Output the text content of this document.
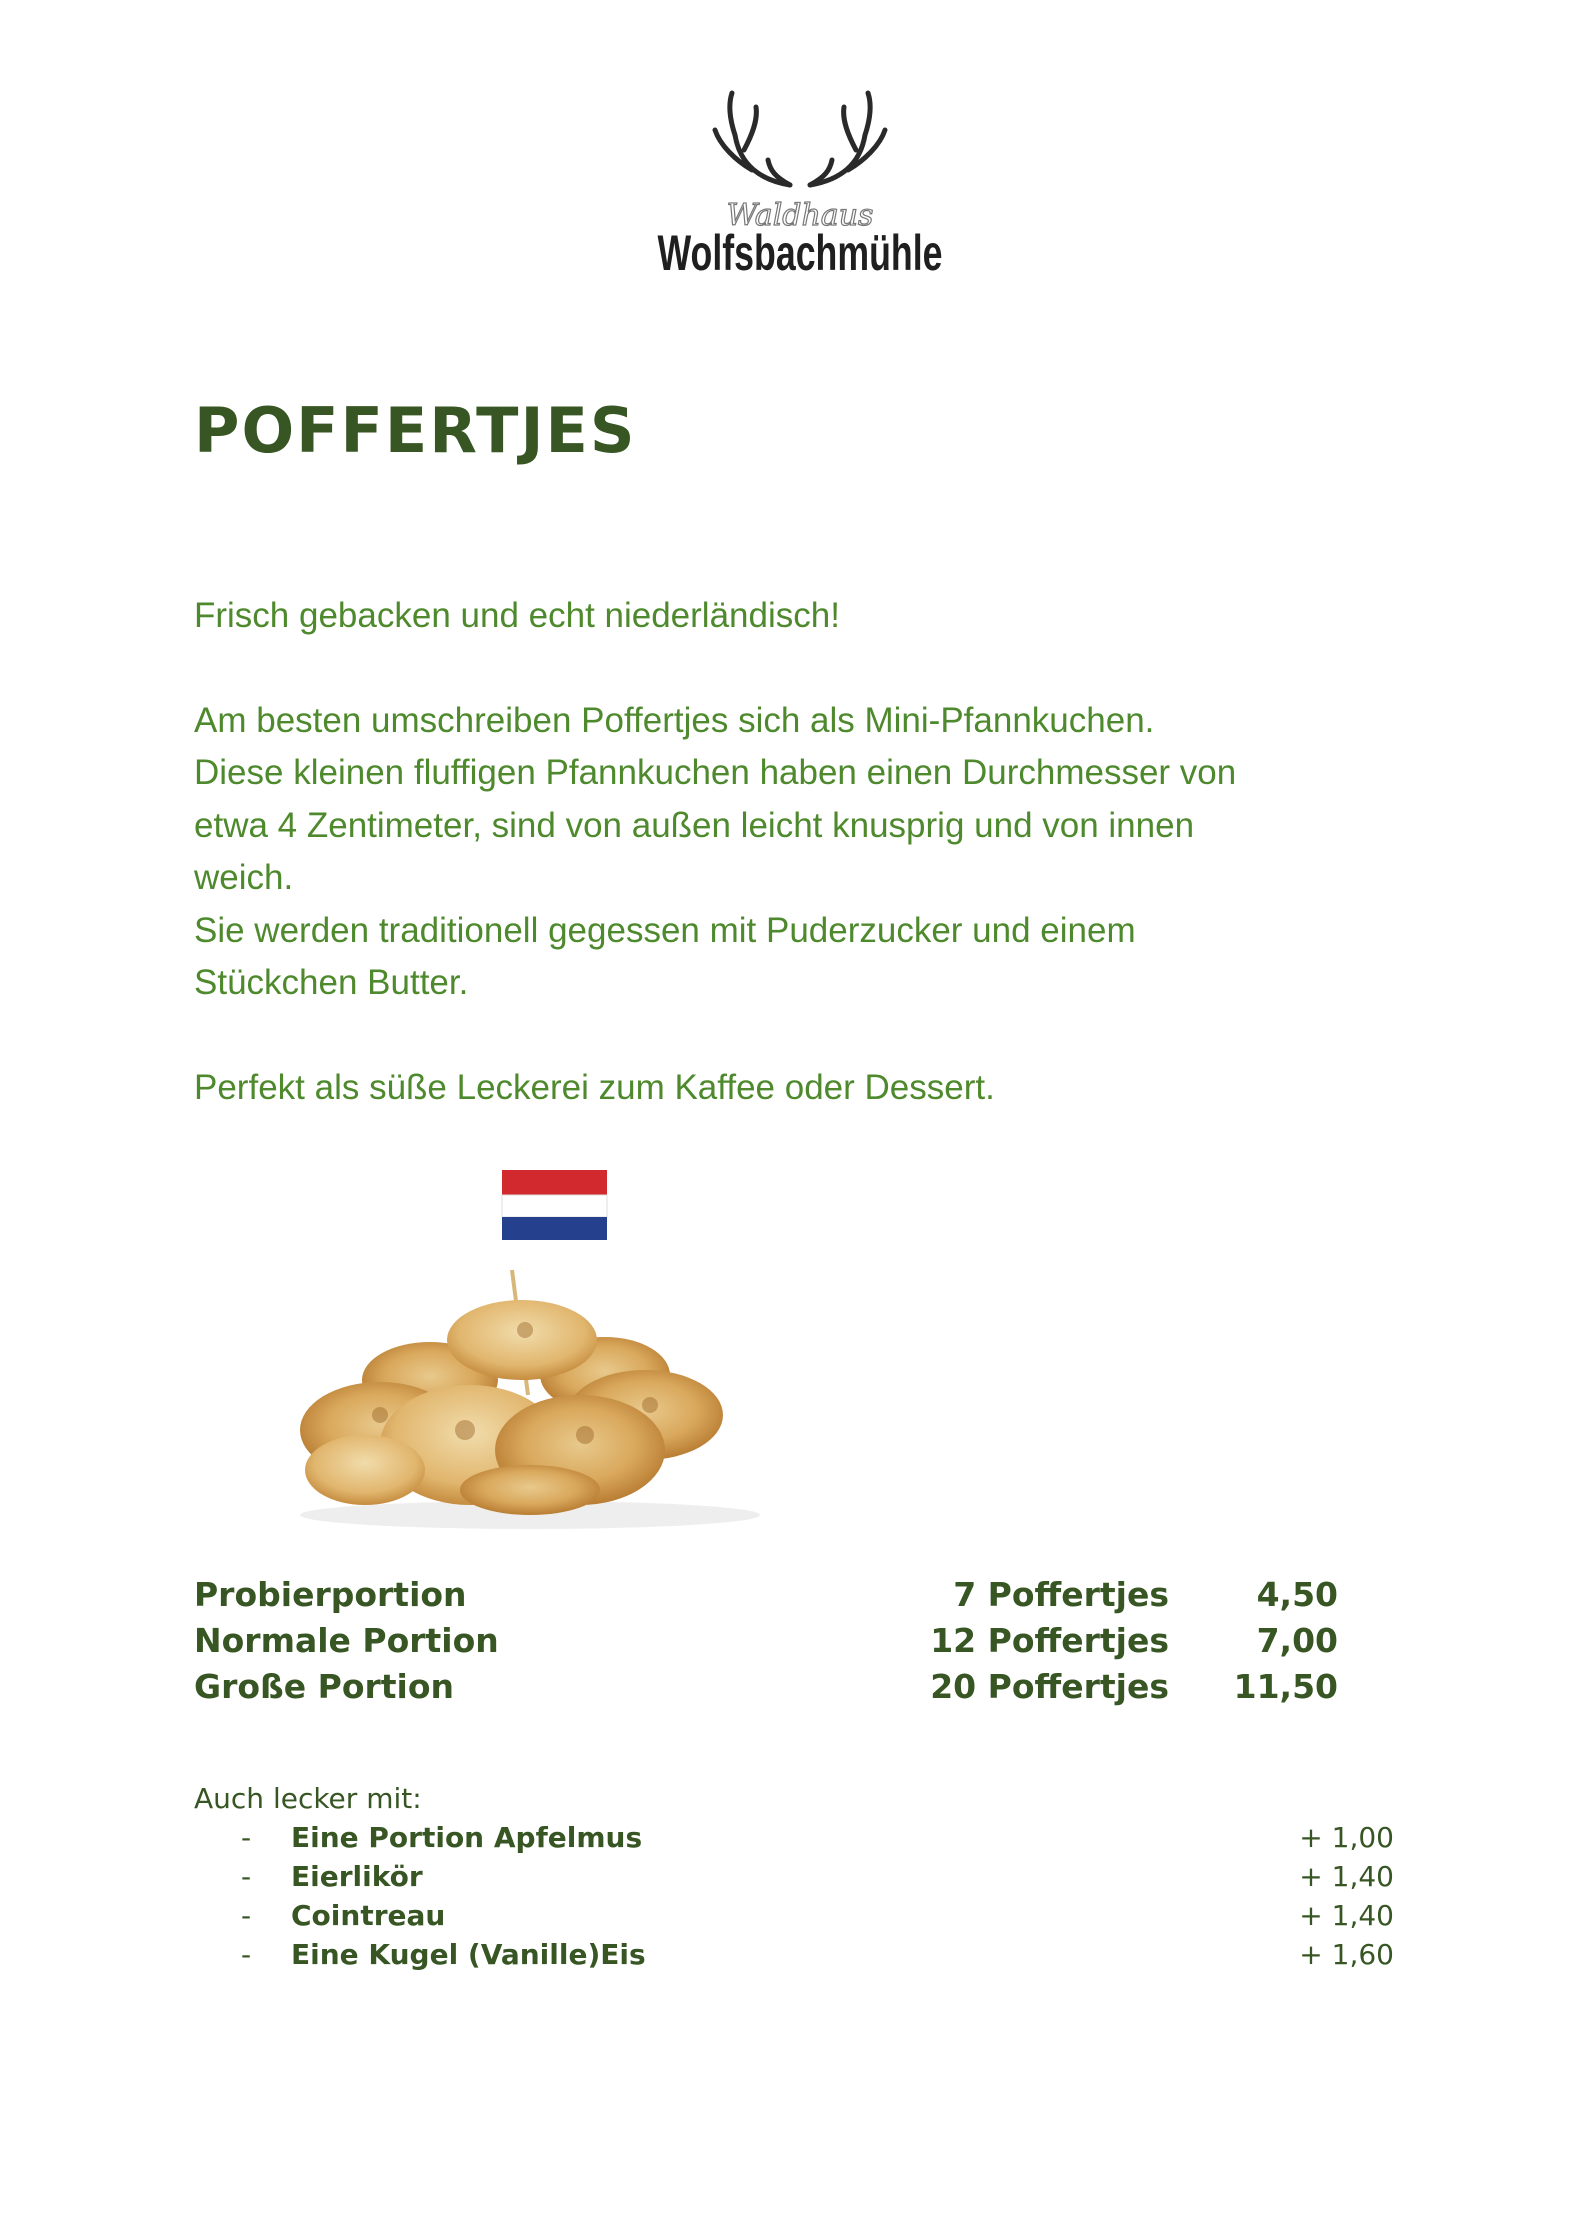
Waldhaus
Wolfsbachmühle
POFFERTJES

Frisch gebacken und echt niederländisch!

Am besten umschreiben Poffertjes sich als Mini-Pfannkuchen.

Diese kleinen fluffigen Pfannkuchen haben einen Durchmesser von

etwa 4 Zentimeter, sind von außen leicht knusprig und von innen

weich.

Sie werden traditionell gegessen mit Puderzucker und einem

Stückchen Butter.

Perfekt als süße Leckerei zum Kaffee oder Dessert.

Probierportion	7 Poffertjes	4,50
Normale Portion	12 Poffertjes	7,00
Große Portion	20 Poffertjes 11,50
Auch lecker mit:
- Eine Portion Apfelmus	+ 1,00
- Eierlikör	+ 1,40
- Cointreau	+ 1,40
- Eine Kugel (Vanille)Eis	+ 1,60
